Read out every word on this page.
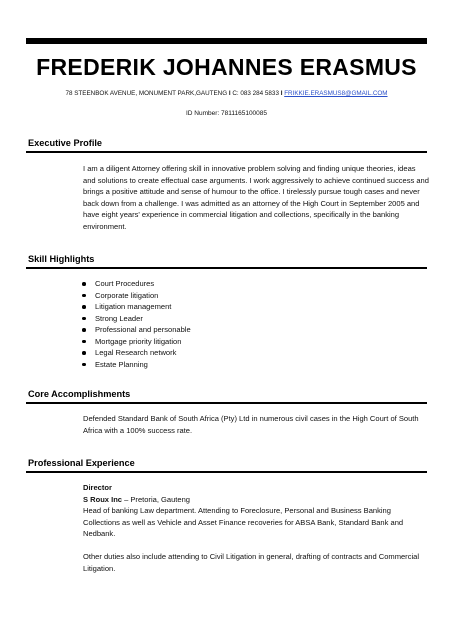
FREDERIK JOHANNES ERASMUS
78 STEENBOK AVENUE, MONUMENT PARK,GAUTENG I C: 083 284 5833 I FRIKKIE.ERASMUS8@GMAIL.COM
ID Number: 7811165100085
Executive Profile

I am a diligent Attorney offering skill in innovative problem solving and finding unique theories, ideas and solutions to create effectual case arguments. I work aggressively to achieve continued success and brings a positive attitude and sense of humour to the office. I tirelessly pursue tough cases and never back down from a challenge. I was admitted as an attorney of the High Court in September 2005 and have eight years' experience in commercial litigation and collections, specifically in the banking environment.

Skill Highlights
Court Procedures
Corporate litigation
Litigation management
Strong Leader
Professional and personable
Mortgage priority litigation
Legal Research network
Estate Planning
Core Accomplishments

Defended Standard Bank of South Africa (Pty) Ltd in numerous civil cases in the High Court of South Africa with a 100% success rate.

Professional Experience

Director

S Roux Inc – Pretoria, Gauteng

Head of banking Law department. Attending to Foreclosure, Personal and Business Banking Collections as well as Vehicle and Asset Finance recoveries for ABSA Bank, Standard Bank and Nedbank.

Other duties also include attending to Civil Litigation in general, drafting of contracts and Commercial Litigation.
